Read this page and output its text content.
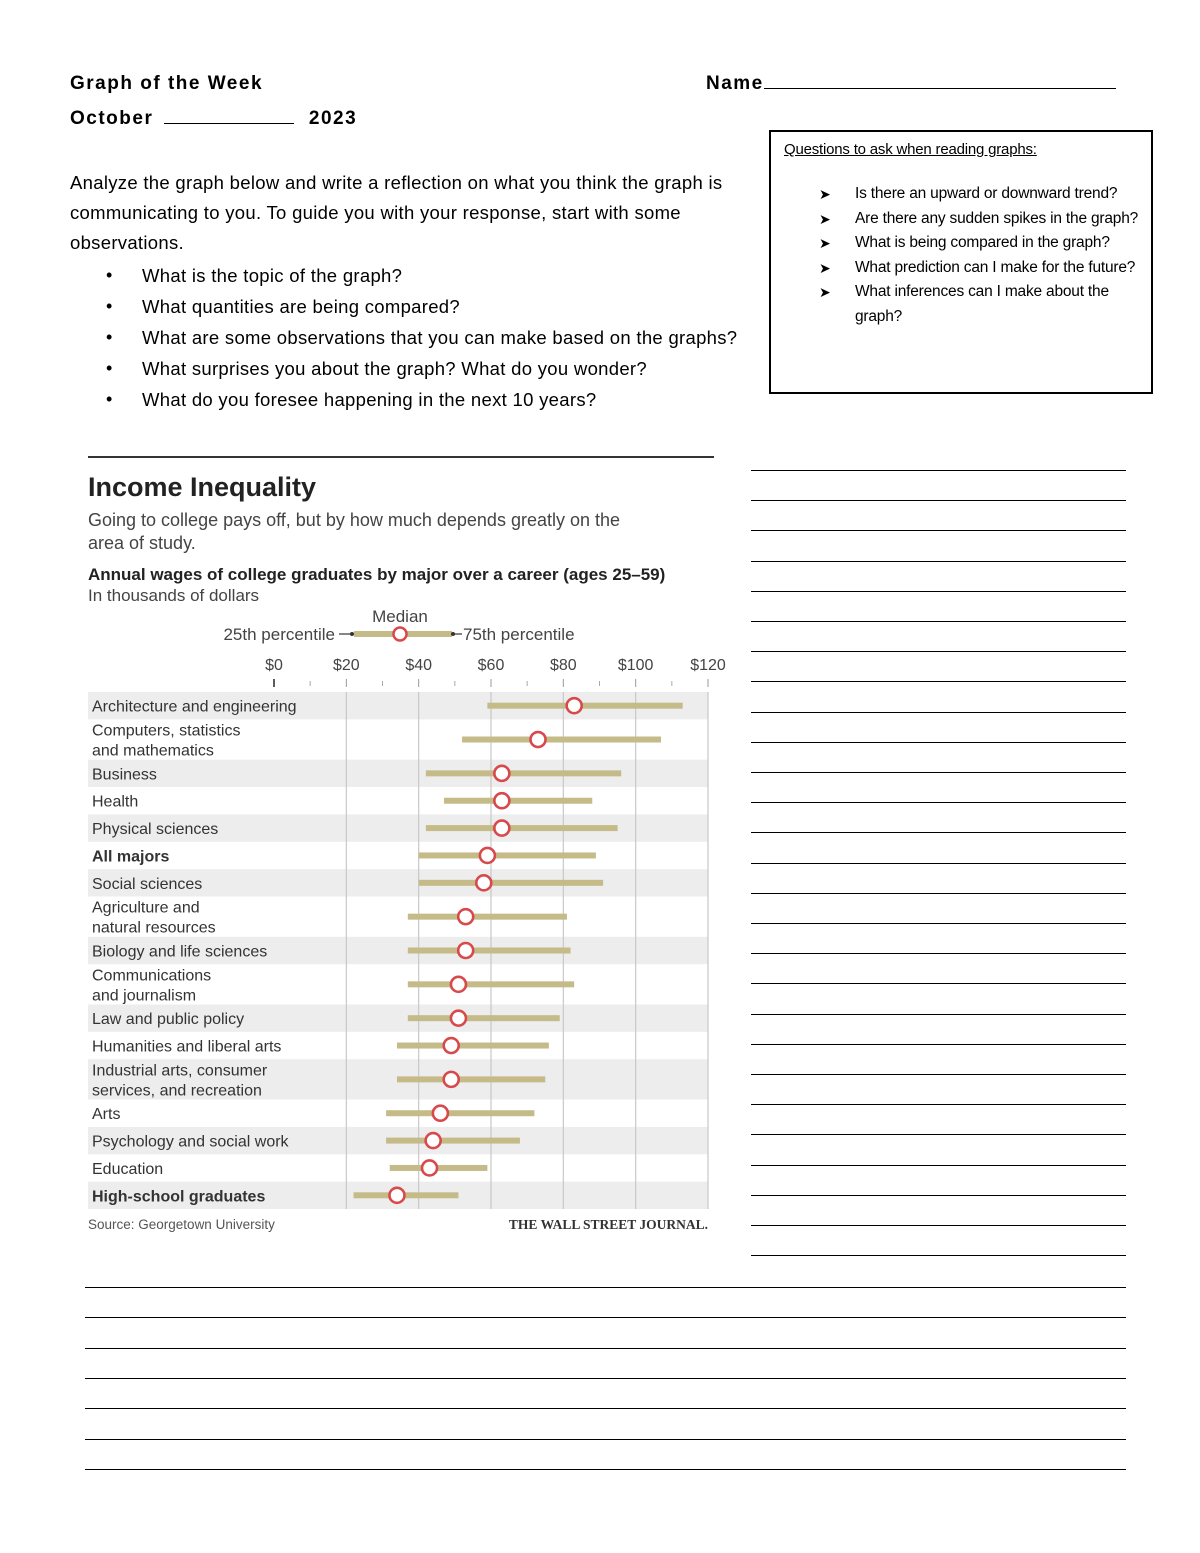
Graph of the Week
October	2023
Name
Analyze the graph below and write a reflection on what you think the graph is communicating to you. To guide you with your response, start with some observations.
• What is the topic of the graph?
• What quantities are being compared?
• What are some observations that you can make based on the graphs?
• What surprises you about the graph? What do you wonder?
• What do you foresee happening in the next 10 years?
Questions to ask when reading graphs:
➤ Is there an upward or downward trend?
➤ Are there any sudden spikes in the graph?
➤ What is being compared in the graph?
➤ What prediction can I make for the future?
➤ What inferences can I make about the graph?
Income Inequality
Going to college pays off, but by how much depends greatly on the
area of study.
Annual wages of college graduates by major over a career (ages 25–59)
In thousands of dollars
Median
25th percentile	75th percentile
$0	$20	$40	$60	$80	$100 $120
Architecture and engineering
Computers, statistics and mathematics
Business
Health
Physical sciences
All majors
Social sciences
Agriculture and natural resources
Biology and life sciences
Communications and journalism
Law and public policy
Humanities and liberal arts
Industrial arts, consumer services, and recreation
Arts
Psychology and social work
Education
High-school graduates
Source: Georgetown University	THE WALL STREET JOURNAL.
